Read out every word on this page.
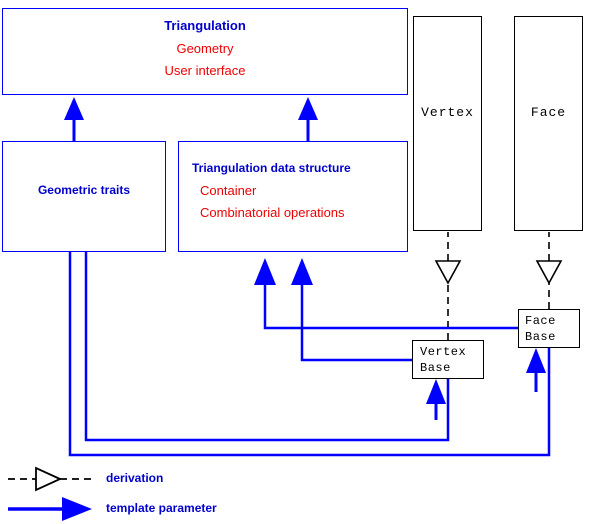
Triangulation
Geometry
User interface
Triangulation data structure
Container
Combinatorial operations
Geometric traits
Vertex	Face
Vertex
Base
Face
Base
derivation
template parameter
